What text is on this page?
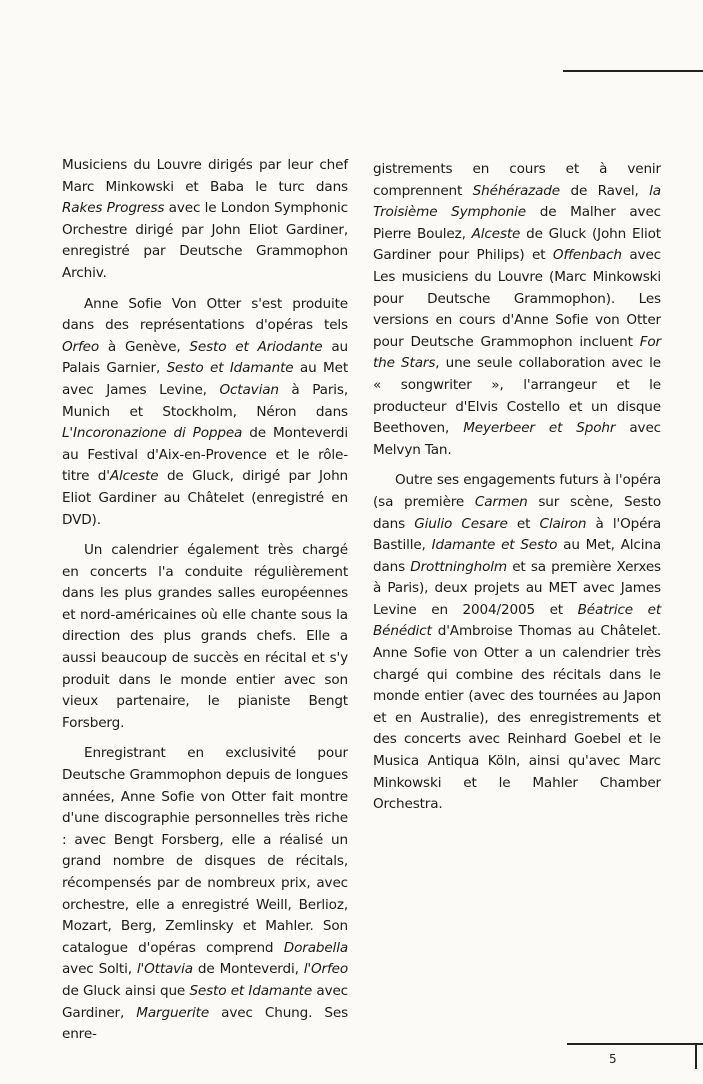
Musiciens du Louvre dirigés par leur chef Marc Minkowski et Baba le turc dans Rakes Progress avec le London Symphonic Orchestre dirigé par John Eliot Gardiner, enregistré par Deutsche Grammophon Archiv.

Anne Sofie Von Otter s'est produite dans des représentations d'opéras tels Orfeo à Genève, Sesto et Ariodante au Palais Garnier, Sesto et Idamante au Met avec James Levine, Octavian à Paris, Munich et Stockholm, Néron dans L'Incoronazione di Poppea de Monteverdi au Festival d'Aix-en-Provence et le rôle-titre d'Alceste de Gluck, dirigé par John Eliot Gardiner au Châtelet (enregistré en DVD).

Un calendrier également très chargé en concerts l'a conduite régulièrement dans les plus grandes salles européennes et nord-américaines où elle chante sous la direction des plus grands chefs. Elle a aussi beaucoup de succès en récital et s'y produit dans le monde entier avec son vieux partenaire, le pianiste Bengt Forsberg.

Enregistrant en exclusivité pour Deutsche Grammophon depuis de longues années, Anne Sofie von Otter fait montre d'une discographie personnelles très riche : avec Bengt Forsberg, elle a réalisé un grand nombre de disques de récitals, récompensés par de nombreux prix, avec orchestre, elle a enregistré Weill, Berlioz, Mozart, Berg, Zemlinsky et Mahler. Son catalogue d'opéras comprend Dorabella avec Solti, l'Ottavia de Monteverdi, l'Orfeo de Gluck ainsi que Sesto et Idamante avec Gardiner, Marguerite avec Chung. Ses enre-

gistrements en cours et à venir comprennent Shéhérazade de Ravel, la Troisième Symphonie de Malher avec Pierre Boulez, Alceste de Gluck (John Eliot Gardiner pour Philips) et Offenbach avec Les musiciens du Louvre (Marc Minkowski pour Deutsche Grammophon). Les versions en cours d'Anne Sofie von Otter pour Deutsche Grammophon incluent For the Stars, une seule collaboration avec le « songwriter », l'arrangeur et le producteur d'Elvis Costello et un disque Beethoven, Meyerbeer et Spohr avec Melvyn Tan.

Outre ses engagements futurs à l'opéra (sa première Carmen sur scène, Sesto dans Giulio Cesare et Clairon à l'Opéra Bastille, Idamante et Sesto au Met, Alcina dans Drottningholm et sa première Xerxes à Paris), deux projets au MET avec James Levine en 2004/2005 et Béatrice et Bénédict d'Ambroise Thomas au Châtelet. Anne Sofie von Otter a un calendrier très chargé qui combine des récitals dans le monde entier (avec des tournées au Japon et en Australie), des enregistrements et des concerts avec Reinhard Goebel et le Musica Antiqua Köln, ainsi qu'avec Marc Minkowski et le Mahler Chamber Orchestra.

5
